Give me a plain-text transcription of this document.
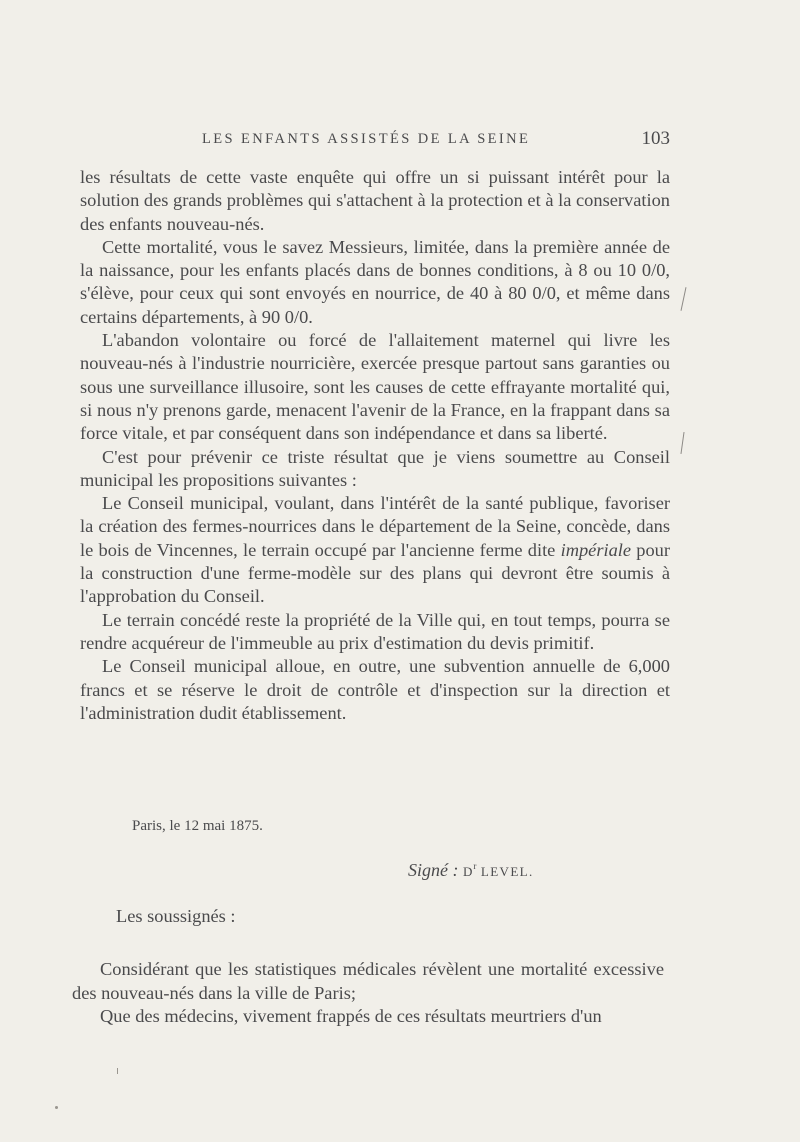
LES ENFANTS ASSISTÉS DE LA SEINE	103

les résultats de cette vaste enquête qui offre un si puissant intérêt pour la solution des grands problèmes qui s'attachent à la protection et à la conservation des enfants nouveau-nés.

Cette mortalité, vous le savez Messieurs, limitée, dans la première année de la naissance, pour les enfants placés dans de bonnes conditions, à 8 ou 10 0/0, s'élève, pour ceux qui sont envoyés en nourrice, de 40 à 80 0/0, et même dans certains départements, à 90 0/0.

L'abandon volontaire ou forcé de l'allaitement maternel qui livre les nouveau-nés à l'industrie nourricière, exercée presque partout sans garanties ou sous une surveillance illusoire, sont les causes de cette effrayante mortalité qui, si nous n'y prenons garde, menacent l'avenir de la France, en la frappant dans sa force vitale, et par conséquent dans son indépendance et dans sa liberté.

C'est pour prévenir ce triste résultat que je viens soumettre au Conseil municipal les propositions suivantes :

Le Conseil municipal, voulant, dans l'intérêt de la santé publique, favoriser la création des fermes-nourrices dans le département de la Seine, concède, dans le bois de Vincennes, le terrain occupé par l'ancienne ferme dite impériale pour la construction d'une ferme-modèle sur des plans qui devront être soumis à l'approbation du Conseil.

Le terrain concédé reste la propriété de la Ville qui, en tout temps, pourra se rendre acquéreur de l'immeuble au prix d'estimation du devis primitif.

Le Conseil municipal alloue, en outre, une subvention annuelle de 6,000 francs et se réserve le droit de contrôle et d'inspection sur la direction et l'administration dudit établissement.

Paris, le 12 mai 1875.
Signé : $D^r$ LEVEL.
Les soussignés :

Considérant que les statistiques médicales révèlent une mortalité excessive des nouveau-nés dans la ville de Paris;

Que des médecins, vivement frappés de ces résultats meurtriers d'un
